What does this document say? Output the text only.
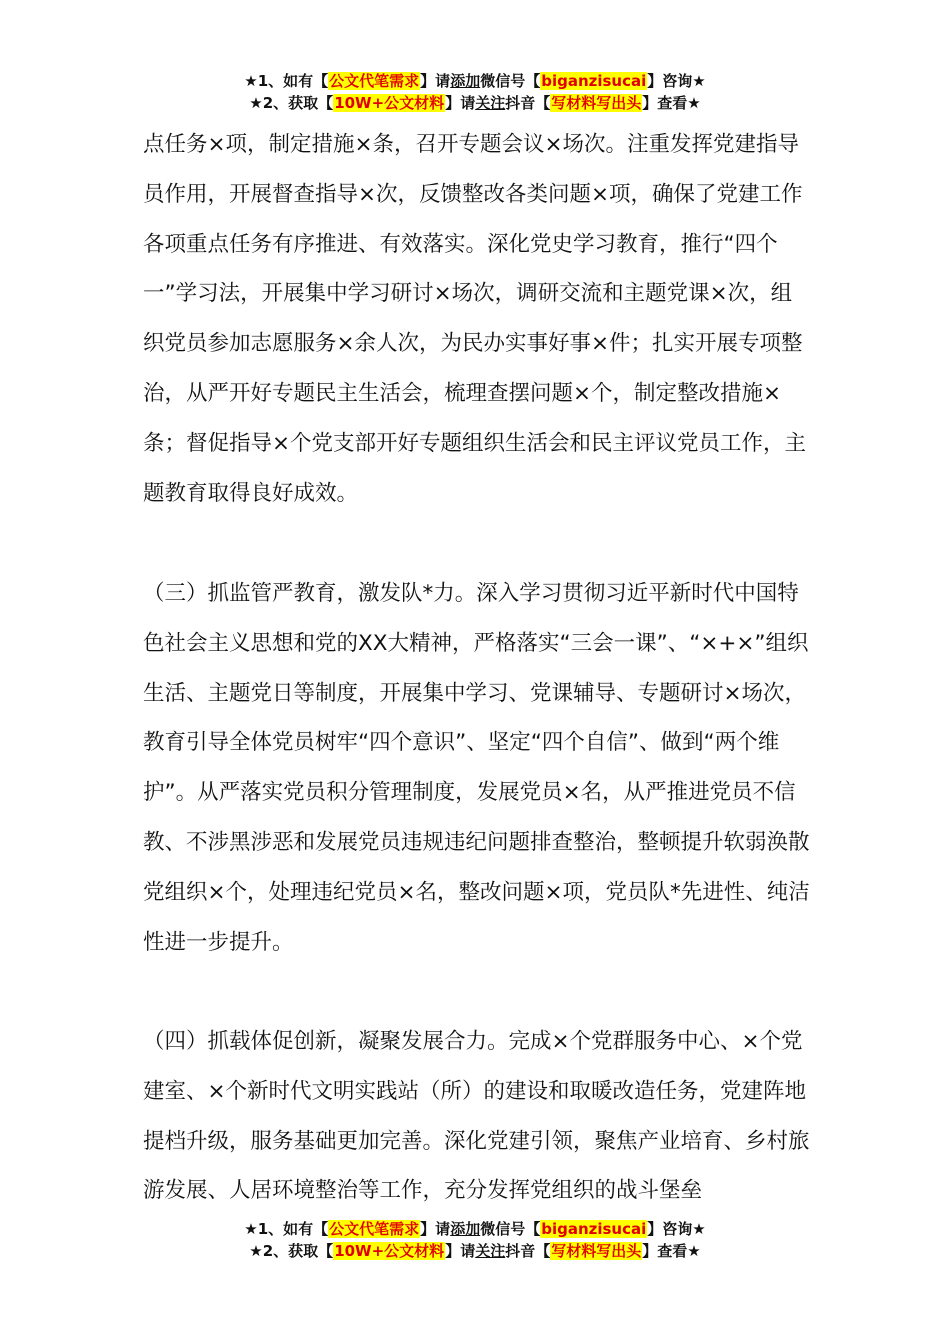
★1、如有【公文代笔需求】请添加微信号【biganzisucai】咨询★
★2、获取【10W+公文材料】请关注抖音【写材料写出头】查看★

点任务×项，制定措施×条，召开专题会议×场次。注重发挥党建指导员作用，开展督查指导×次，反馈整改各类问题×项，确保了党建工作各项重点任务有序推进、有效落实。深化党史学习教育，推行“四个一”学习法，开展集中学习研讨×场次，调研交流和主题党课×次，组织党员参加志愿服务×余人次，为民办实事好事×件；扎实开展专项整治，从严开好专题民主生活会，梳理查摆问题×个，制定整改措施×条；督促指导×个党支部开好专题组织生活会和民主评议党员工作，主题教育取得良好成效。

（三）抓监管严教育，激发队*力。深入学习贯彻习近平新时代中国特色社会主义思想和党的XX大精神，严格落实“三会一课”、“×+×”组织生活、主题党日等制度，开展集中学习、党课辅导、专题研讨×场次，教育引导全体党员树牢“四个意识”、坚定“四个自信”、做到“两个维护”。从严落实党员积分管理制度，发展党员×名，从严推进党员不信教、不涉黑涉恶和发展党员违规违纪问题排查整治，整顿提升软弱涣散党组织×个，处理违纪党员×名，整改问题×项，党员队*先进性、纯洁性进一步提升。

（四）抓载体促创新，凝聚发展合力。完成×个党群服务中心、×个党建室、×个新时代文明实践站（所）的建设和取暖改造任务，党建阵地提档升级，服务基础更加完善。深化党建引领，聚焦产业培育、乡村旅游发展、人居环境整治等工作，充分发挥党组织的战斗堡垒

★1、如有【公文代笔需求】请添加微信号【biganzisucai】咨询★
★2、获取【10W+公文材料】请关注抖音【写材料写出头】查看★
